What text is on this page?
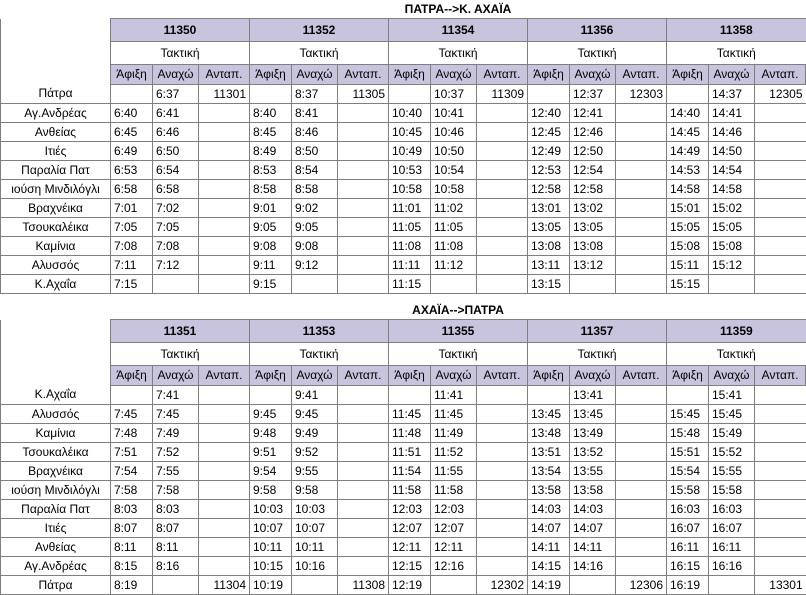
	ΠΑΤΡΑ-->Κ. ΑΧΑΪΑ														
	11350			11352			11354			11356			11358		
	Τακτική			Τακτική			Τακτική			Τακτική			Τακτική		
	Άφιξη	Αναχώ	Ανταπ.	Άφιξη	Αναχώ	Ανταπ.	Άφιξη	Αναχώ	Ανταπ.	Άφιξη	Αναχώ	Ανταπ.	Άφιξη	Αναχώ	Ανταπ.
Πάτρα		6:37	11301		8:37	11305		10:37	11309		12:37	12303		14:37	12305
Αγ.Ανδρέας	6:40	6:41		8:40	8:41		10:40	10:41		12:40	12:41		14:40	14:41	
Ανθείας	6:45	6:46		8:45	8:46		10:45	10:46		12:45	12:46		14:45	14:46	
Ιτιές	6:49	6:50		8:49	8:50		10:49	10:50		12:49	12:50		14:49	14:50	
Παραλία Πατ	6:53	6:54		8:53	8:54		10:53	10:54		12:53	12:54		14:53	14:54	
ιούση Μινδιλόγλι	6:58	6:58		8:58	8:58		10:58	10:58		12:58	12:58		14:58	14:58	
Βραχνέικα	7:01	7:02		9:01	9:02		11:01	11:02		13:01	13:02		15:01	15:02	
Τσουκαλέικα	7:05	7:05		9:05	9:05		11:05	11:05		13:05	13:05		15:05	15:05	
Καμίνια	7:08	7:08		9:08	9:08		11:08	11:08		13:08	13:08		15:08	15:08	
Αλυσσός	7:11	7:12		9:11	9:12		11:11	11:12		13:11	13:12		15:11	15:12	
Κ.Αχαΐα	7:15			9:15			11:15			13:15			15:15		
	ΑΧΑΪΑ-->ΠΑΤΡΑ														
	11351			11353			11355			11357			11359		
	Τακτική			Τακτική			Τακτική			Τακτική			Τακτική		
	Άφιξη	Αναχώ	Ανταπ.	Άφιξη	Αναχώ	Ανταπ.	Άφιξη	Αναχώ	Ανταπ.	Άφιξη	Αναχώ	Ανταπ.	Άφιξη	Αναχώ	Ανταπ.
Κ.Αχαΐα		7:41			9:41			11:41			13:41			15:41	
Αλυσσός	7:45	7:45		9:45	9:45		11:45	11:45		13:45	13:45		15:45	15:45	
Καμίνια	7:48	7:49		9:48	9:49		11:48	11:49		13:48	13:49		15:48	15:49	
Τσουκαλέικα	7:51	7:52		9:51	9:52		11:51	11:52		13:51	13:52		15:51	15:52	
Βραχνέικα	7:54	7:55		9:54	9:55		11:54	11:55		13:54	13:55		15:54	15:55	
ιούση Μινδιλόγλι	7:58	7:58		9:58	9:58		11:58	11:58		13:58	13:58		15:58	15:58	
Παραλία Πατ	8:03	8:03		10:03	10:03		12:03	12:03		14:03	14:03		16:03	16:03	
Ιτιές	8:07	8:07		10:07	10:07		12:07	12:07		14:07	14:07		16:07	16:07	
Ανθείας	8:11	8:11		10:11	10:11		12:11	12:11		14:11	14:11		16:11	16:11	
Αγ.Ανδρέας	8:15	8:16		10:15	10:16		12:15	12:16		14:15	14:16		16:15	16:16	
Πάτρα	8:19		11304	10:19		11308	12:19		12302	14:19		12306	16:19		13301
